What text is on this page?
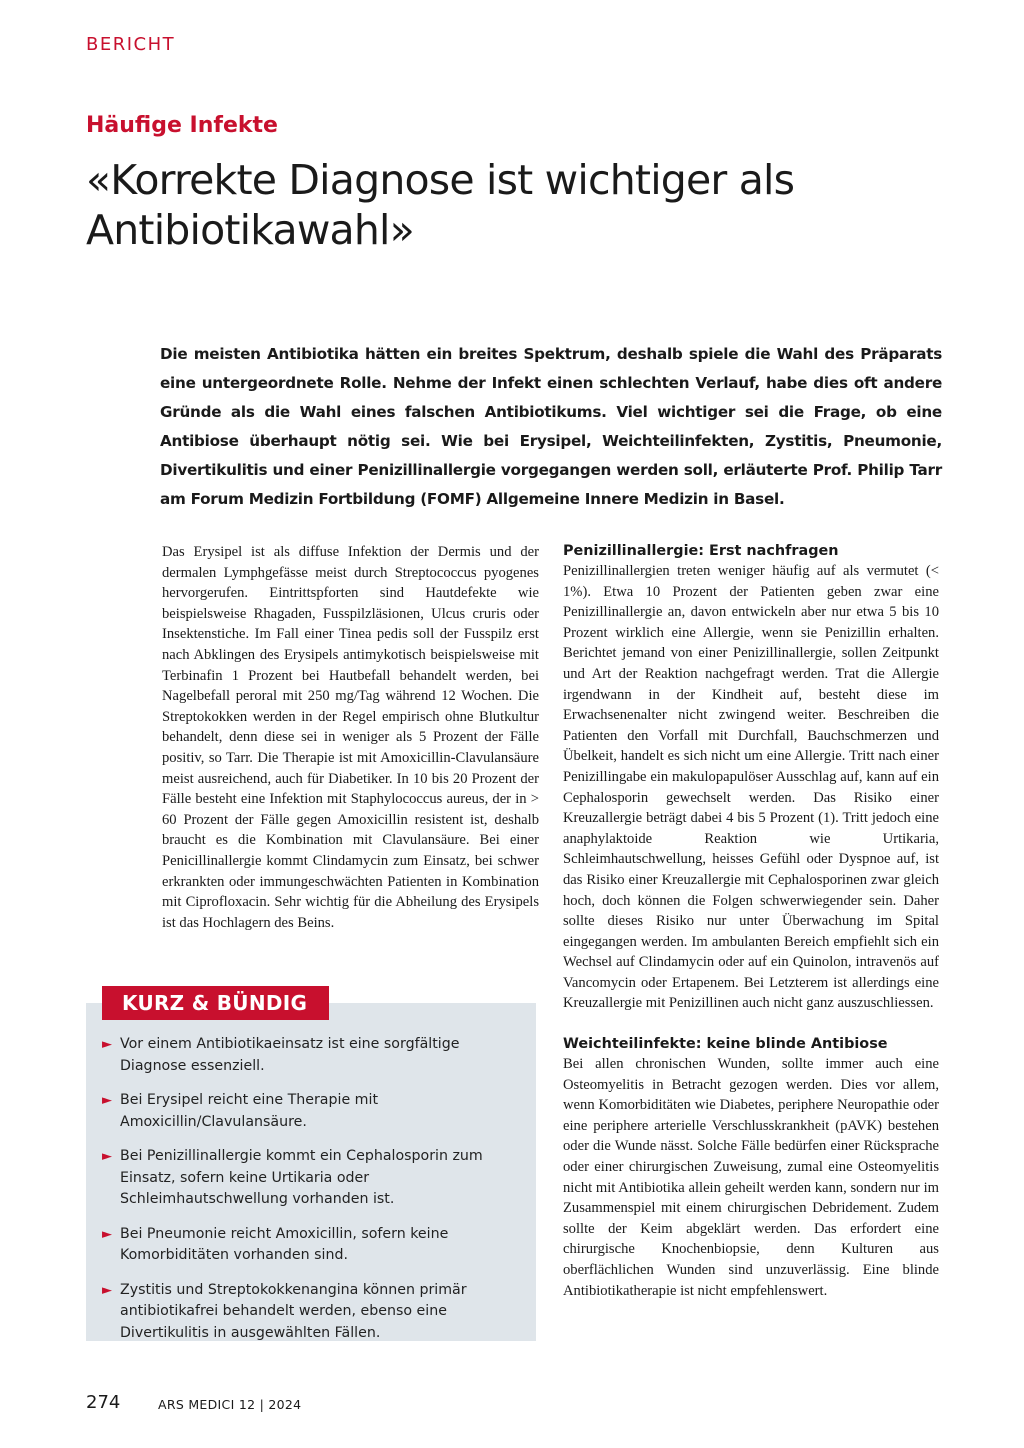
BERICHT
Häufige Infekte
«Korrekte Diagnose ist wichtiger als Antibiotikawahl»

Die meisten Antibiotika hätten ein breites Spektrum, deshalb spiele die Wahl des Präparats eine untergeordnete Rolle. Nehme der Infekt einen schlechten Verlauf, habe dies oft andere Gründe als die Wahl eines falschen Antibiotikums. Viel wichtiger sei die Frage, ob eine Antibiose überhaupt nötig sei. Wie bei Erysipel, Weichteilinfekten, Zystitis, Pneumonie, Divertikulitis und einer Penizillinallergie vorgegangen werden soll, erläuterte Prof. Philip Tarr am Forum Medizin Fortbildung (FOMF) Allgemeine Innere Medizin in Basel.

Das Erysipel ist als diffuse Infektion der Dermis und der dermalen Lymphgefässe meist durch Streptococcus pyogenes hervorgerufen. Eintrittspforten sind Hautdefekte wie beispielsweise Rhagaden, Fusspilzläsionen, Ulcus cruris oder Insektenstiche. Im Fall einer Tinea pedis soll der Fusspilz erst nach Abklingen des Erysipels antimykotisch beispielsweise mit Terbinafin 1 Prozent bei Hautbefall behandelt werden, bei Nagelbefall peroral mit 250 mg/Tag während 12 Wochen. Die Streptokokken werden in der Regel empirisch ohne Blutkultur behandelt, denn diese sei in weniger als 5 Prozent der Fälle positiv, so Tarr. Die Therapie ist mit Amoxicillin-Clavulansäure meist ausreichend, auch für Diabetiker. In 10 bis 20 Prozent der Fälle besteht eine Infektion mit Staphylococcus aureus, der in > 60 Prozent der Fälle gegen Amoxicillin resistent ist, deshalb braucht es die Kombination mit Clavulansäure. Bei einer Penicillinallergie kommt Clindamycin zum Einsatz, bei schwer erkrankten oder immungeschwächten Patienten in Kombination mit Ciprofloxacin. Sehr wichtig für die Abheilung des Erysipels ist das Hochlagern des Beins.

Penizillinallergie: Erst nachfragen

Penizillinallergien treten weniger häufig auf als vermutet (< 1%). Etwa 10 Prozent der Patienten geben zwar eine Penizillinallergie an, davon entwickeln aber nur etwa 5 bis 10 Prozent wirklich eine Allergie, wenn sie Penizillin erhalten. Berichtet jemand von einer Penizillinallergie, sollen Zeitpunkt und Art der Reaktion nachgefragt werden. Trat die Allergie irgendwann in der Kindheit auf, besteht diese im Erwachsenenalter nicht zwingend weiter. Beschreiben die Patienten den Vorfall mit Durchfall, Bauchschmerzen und Übelkeit, handelt es sich nicht um eine Allergie. Tritt nach einer Penizillingabe ein makulopapulöser Ausschlag auf, kann auf ein Cephalosporin gewechselt werden. Das Risiko einer Kreuzallergie beträgt dabei 4 bis 5 Prozent (1). Tritt jedoch eine anaphylaktoide Reaktion wie Urtikaria, Schleimhautschwellung, heisses Gefühl oder Dyspnoe auf, ist das Risiko einer Kreuzallergie mit Cephalosporinen zwar gleich hoch, doch können die Folgen schwerwiegender sein. Daher sollte dieses Risiko nur unter Überwachung im Spital eingegangen werden. Im ambulanten Bereich empfiehlt sich ein Wechsel auf Clindamycin oder auf ein Quinolon, intravenös auf Vancomycin oder Ertapenem. Bei Letzterem ist allerdings eine Kreuzallergie mit Penizillinen auch nicht ganz auszuschliessen.

Weichteilinfekte: keine blinde Antibiose

Bei allen chronischen Wunden, sollte immer auch eine Osteomyelitis in Betracht gezogen werden. Dies vor allem, wenn Komorbiditäten wie Diabetes, periphere Neuropathie oder eine periphere arterielle Verschlusskrankheit (pAVK) bestehen oder die Wunde nässt. Solche Fälle bedürfen einer Rücksprache oder einer chirurgischen Zuweisung, zumal eine Osteomyelitis nicht mit Antibiotika allein geheilt werden kann, sondern nur im Zusammenspiel mit einem chirurgischen Debridement. Zudem sollte der Keim abgeklärt werden. Das erfordert eine chirurgische Knochenbiopsie, denn Kulturen aus oberflächlichen Wunden sind unzuverlässig. Eine blinde Antibiotikatherapie ist nicht empfehlenswert.

KURZ & BÜNDIG
► Vor einem Antibiotikaeinsatz ist eine sorgfältige Diagnose essenziell.
► Bei Erysipel reicht eine Therapie mit Amoxicillin/Clavulansäure.
► Bei Penizillinallergie kommt ein Cephalosporin zum Einsatz, sofern keine Urtikaria oder Schleimhautschwellung vorhanden ist.
► Bei Pneumonie reicht Amoxicillin, sofern keine Komorbiditäten vorhanden sind.
► Zystitis und Streptokokkenangina können primär antibiotikafrei behandelt werden, ebenso eine Divertikulitis in ausgewählten Fällen.
274	ARS MEDICI 12 | 2024
